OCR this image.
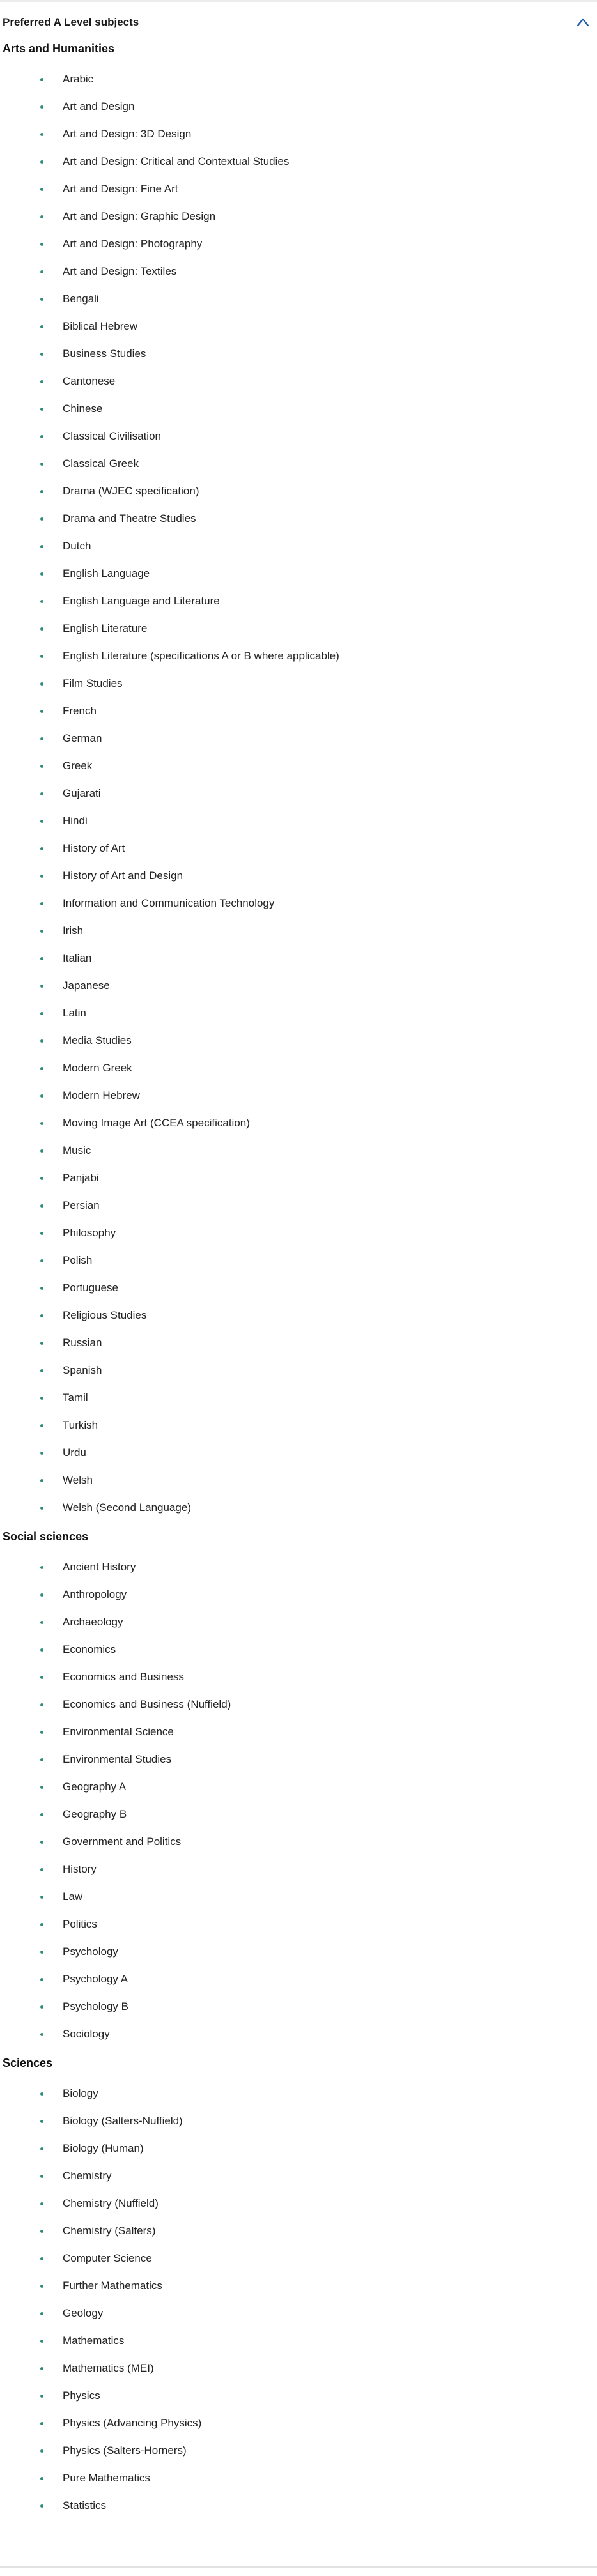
Preferred A Level subjects
Arts and Humanities
Arabic
Art and Design
Art and Design: 3D Design
Art and Design: Critical and Contextual Studies
Art and Design: Fine Art
Art and Design: Graphic Design
Art and Design: Photography
Art and Design: Textiles
Bengali
Biblical Hebrew
Business Studies
Cantonese
Chinese
Classical Civilisation
Classical Greek
Drama (WJEC specification)
Drama and Theatre Studies
Dutch
English Language
English Language and Literature
English Literature
English Literature (specifications A or B where applicable)
Film Studies
French
German
Greek
Gujarati
Hindi
History of Art
History of Art and Design
Information and Communication Technology
Irish
Italian
Japanese
Latin
Media Studies
Modern Greek
Modern Hebrew
Moving Image Art (CCEA specification)
Music
Panjabi
Persian
Philosophy
Polish
Portuguese
Religious Studies
Russian
Spanish
Tamil
Turkish
Urdu
Welsh
Welsh (Second Language)
Social sciences
Ancient History
Anthropology
Archaeology
Economics
Economics and Business
Economics and Business (Nuffield)
Environmental Science
Environmental Studies
Geography A
Geography B
Government and Politics
History
Law
Politics
Psychology
Psychology A
Psychology B
Sociology
Sciences
Biology
Biology (Salters-Nuffield)
Biology (Human)
Chemistry
Chemistry (Nuffield)
Chemistry (Salters)
Computer Science
Further Mathematics
Geology
Mathematics
Mathematics (MEI)
Physics
Physics (Advancing Physics)
Physics (Salters-Horners)
Pure Mathematics
Statistics
